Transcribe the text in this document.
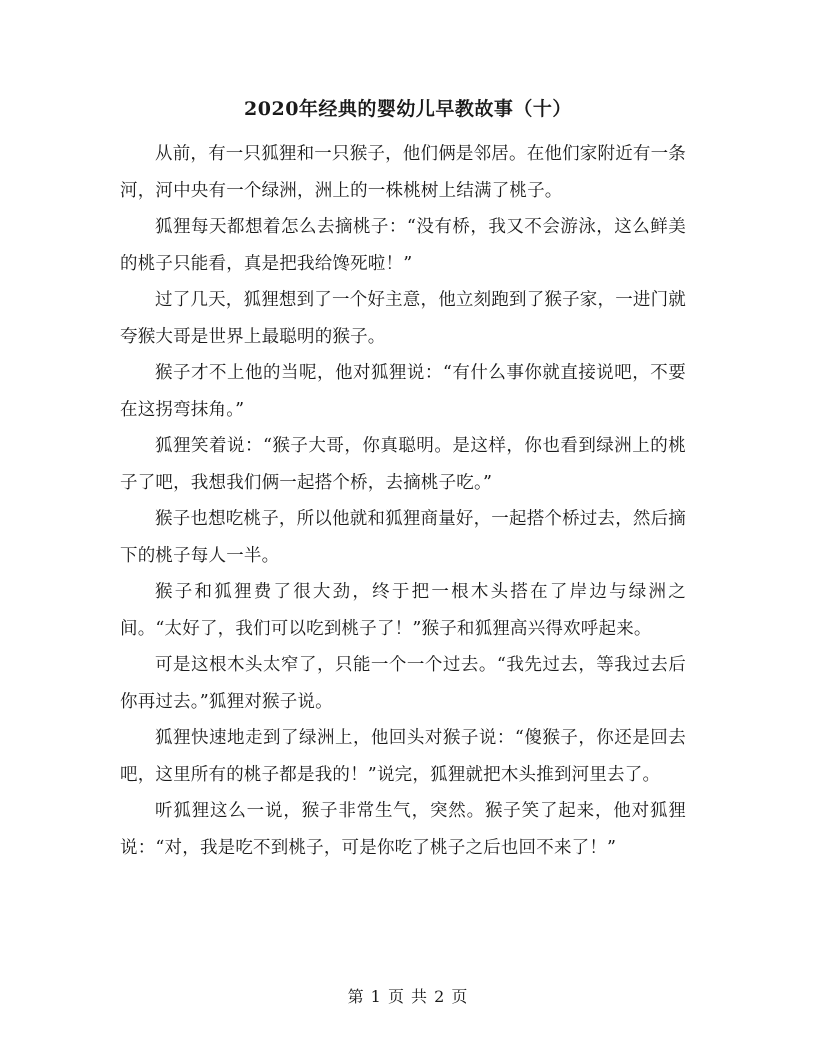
2020年经典的婴幼儿早教故事（十）

从前，有一只狐狸和一只猴子，他们俩是邻居。在他们家附近有一条河，河中央有一个绿洲，洲上的一株桃树上结满了桃子。

狐狸每天都想着怎么去摘桃子：“没有桥，我又不会游泳，这么鲜美的桃子只能看，真是把我给馋死啦！”

过了几天，狐狸想到了一个好主意，他立刻跑到了猴子家，一进门就夸猴大哥是世界上最聪明的猴子。

猴子才不上他的当呢，他对狐狸说：“有什么事你就直接说吧，不要在这拐弯抹角。”

狐狸笑着说：“猴子大哥，你真聪明。是这样，你也看到绿洲上的桃子了吧，我想我们俩一起搭个桥，去摘桃子吃。”

猴子也想吃桃子，所以他就和狐狸商量好，一起搭个桥过去，然后摘下的桃子每人一半。

猴子和狐狸费了很大劲，终于把一根木头搭在了岸边与绿洲之间。“太好了，我们可以吃到桃子了！”猴子和狐狸高兴得欢呼起来。

可是这根木头太窄了，只能一个一个过去。“我先过去，等我过去后你再过去。”狐狸对猴子说。

狐狸快速地走到了绿洲上，他回头对猴子说：“傻猴子，你还是回去吧，这里所有的桃子都是我的！”说完，狐狸就把木头推到河里去了。

听狐狸这么一说，猴子非常生气，突然。猴子笑了起来，他对狐狸说：“对，我是吃不到桃子，可是你吃了桃子之后也回不来了！”

第 1 页 共 2 页
